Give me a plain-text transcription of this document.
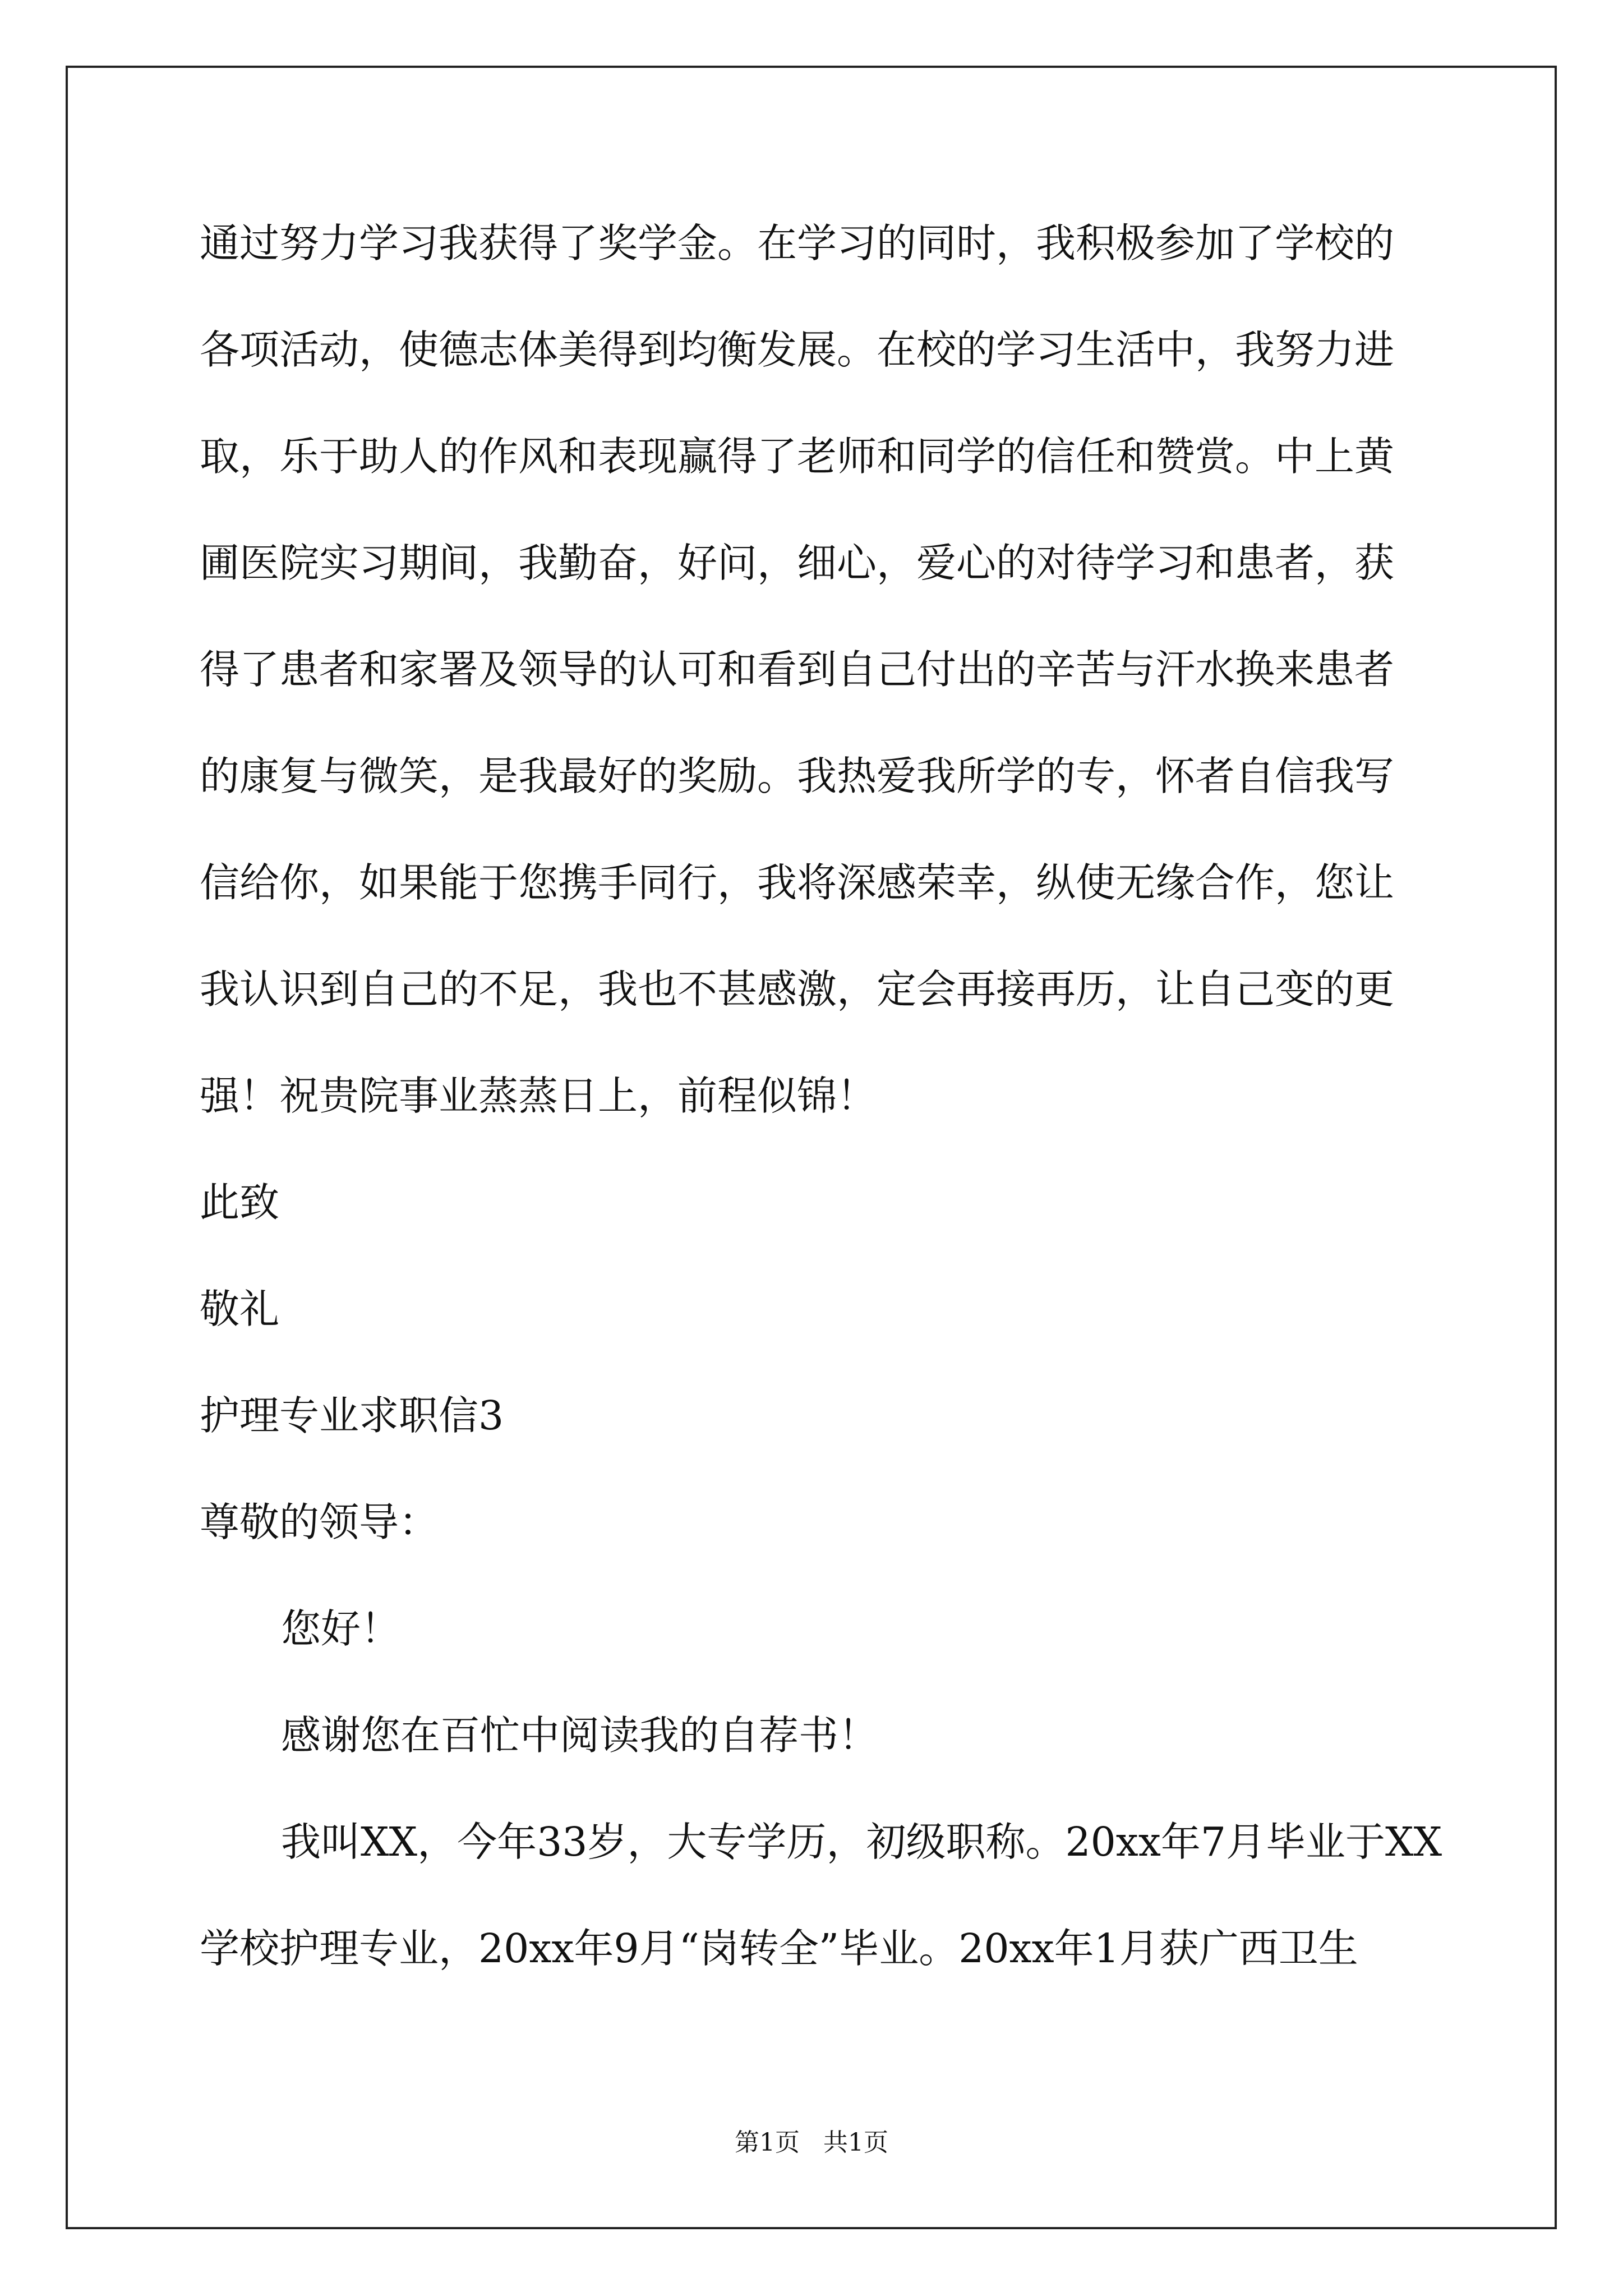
通过努力学习我获得了奖学金。在学习的同时，我积极参加了学校的
各项活动，使德志体美得到均衡发展。在校的学习生活中，我努力进
取，乐于助人的作风和表现赢得了老师和同学的信任和赞赏。中上黄
圃医院实习期间，我勤奋，好问，细心，爱心的对待学习和患者，获
得了患者和家署及领导的认可和看到自己付出的辛苦与汗水换来患者
的康复与微笑，是我最好的奖励。我热爱我所学的专，怀者自信我写
信给你，如果能于您携手同行，我将深感荣幸，纵使无缘合作，您让
我认识到自己的不足，我也不甚感激，定会再接再历，让自己变的更
强！祝贵院事业蒸蒸日上，前程似锦！
此致
敬礼
护理专业求职信3
尊敬的领导：
您好！
感谢您在百忙中阅读我的自荐书！
我叫XX，今年33岁，大专学历，初级职称。20xx年7月毕业于XX
学校护理专业，20xx年9月“岗转全”毕业。20xx年1月获广西卫生
第1页   共1页
